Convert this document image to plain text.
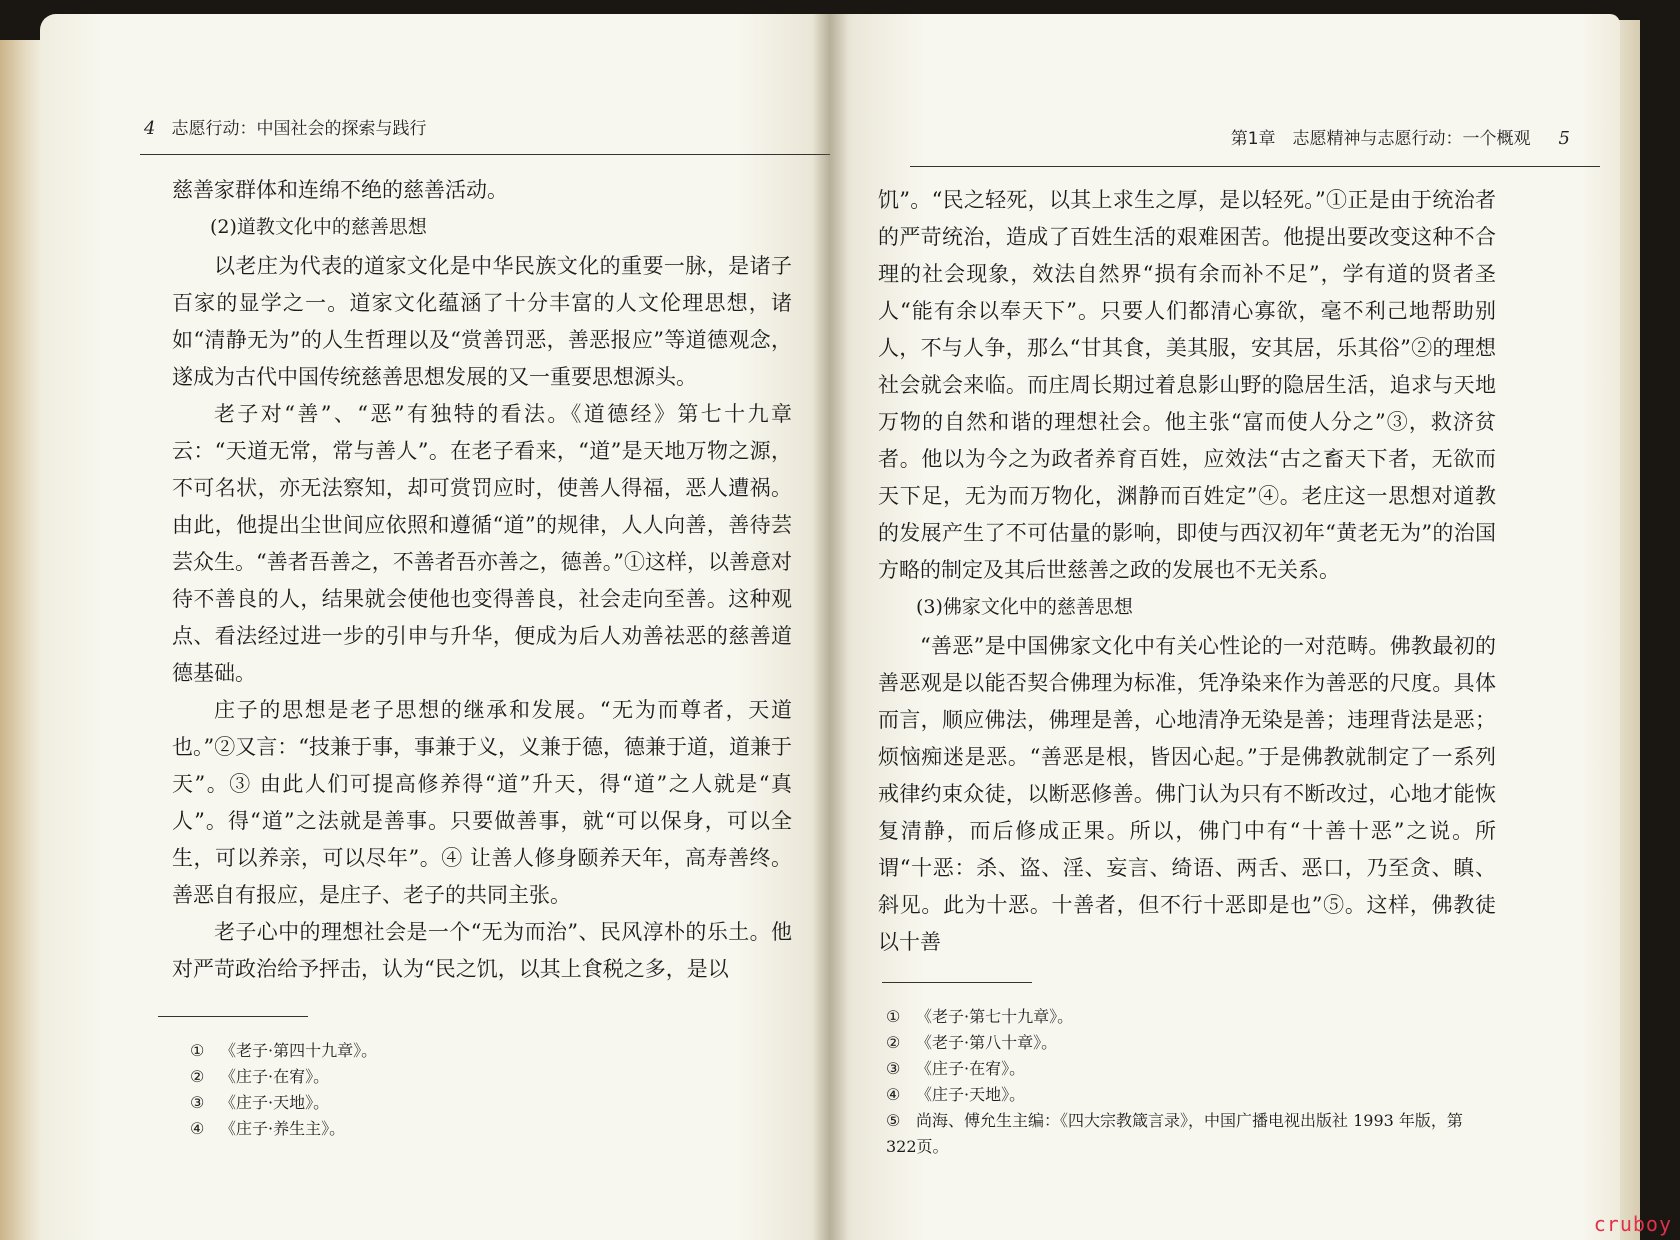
4 志愿行动：中国社会的探索与践行

慈善家群体和连绵不绝的慈善活动。

(2)道教文化中的慈善思想

以老庄为代表的道家文化是中华民族文化的重要一脉，是诸子百家的显学之一。道家文化蕴涵了十分丰富的人文伦理思想，诸如“清静无为”的人生哲理以及“赏善罚恶，善恶报应”等道德观念，遂成为古代中国传统慈善思想发展的又一重要思想源头。

老子对“善”、“恶”有独特的看法。《道德经》第七十九章云：“天道无常，常与善人”。在老子看来，“道”是天地万物之源，不可名状，亦无法察知，却可赏罚应时，使善人得福，恶人遭祸。由此，他提出尘世间应依照和遵循“道”的规律，人人向善，善待芸芸众生。“善者吾善之，不善者吾亦善之，德善。”①这样，以善意对待不善良的人，结果就会使他也变得善良，社会走向至善。这种观点、看法经过进一步的引申与升华，便成为后人劝善祛恶的慈善道德基础。

庄子的思想是老子思想的继承和发展。“无为而尊者，天道也。”②又言：“技兼于事，事兼于义，义兼于德，德兼于道，道兼于天”。③ 由此人们可提高修养得“道”升天，得“道”之人就是“真人”。得“道”之法就是善事。只要做善事，就“可以保身，可以全生，可以养亲，可以尽年”。④ 让善人修身颐养天年，高寿善终。善恶自有报应，是庄子、老子的共同主张。

老子心中的理想社会是一个“无为而治”、民风淳朴的乐土。他对严苛政治给予抨击，认为“民之饥，以其上食税之多，是以

① 《老子·第四十九章》。
② 《庄子·在宥》。
③ 《庄子·天地》。
④ 《庄子·养生主》。
第1章　志愿精神与志愿行动：一个概观 5

饥”。“民之轻死，以其上求生之厚，是以轻死。”①正是由于统治者的严苛统治，造成了百姓生活的艰难困苦。他提出要改变这种不合理的社会现象，效法自然界“损有余而补不足”，学有道的贤者圣人“能有余以奉天下”。只要人们都清心寡欲，毫不利己地帮助别人，不与人争，那么“甘其食，美其服，安其居，乐其俗”②的理想社会就会来临。而庄周长期过着息影山野的隐居生活，追求与天地万物的自然和谐的理想社会。他主张“富而使人分之”③，救济贫者。他以为今之为政者养育百姓，应效法“古之畜天下者，无欲而天下足，无为而万物化，渊静而百姓定”④。老庄这一思想对道教的发展产生了不可估量的影响，即使与西汉初年“黄老无为”的治国方略的制定及其后世慈善之政的发展也不无关系。

(3)佛家文化中的慈善思想

“善恶”是中国佛家文化中有关心性论的一对范畴。佛教最初的善恶观是以能否契合佛理为标准，凭净染来作为善恶的尺度。具体而言，顺应佛法，佛理是善，心地清净无染是善；违理背法是恶；烦恼痴迷是恶。“善恶是根，皆因心起。”于是佛教就制定了一系列戒律约束众徒，以断恶修善。佛门认为只有不断改过，心地才能恢复清静，而后修成正果。所以，佛门中有“十善十恶”之说。所谓“十恶：杀、盗、淫、妄言、绮语、两舌、恶口，乃至贪、瞋、斜见。此为十恶。十善者，但不行十恶即是也”⑤。这样，佛教徒以十善

① 《老子·第七十九章》。
② 《老子·第八十章》。
③ 《庄子·在宥》。
④ 《庄子·天地》。
⑤ 尚海、傅允生主编：《四大宗教箴言录》，中国广播电视出版社 1993 年版，第322页。
cruboy
